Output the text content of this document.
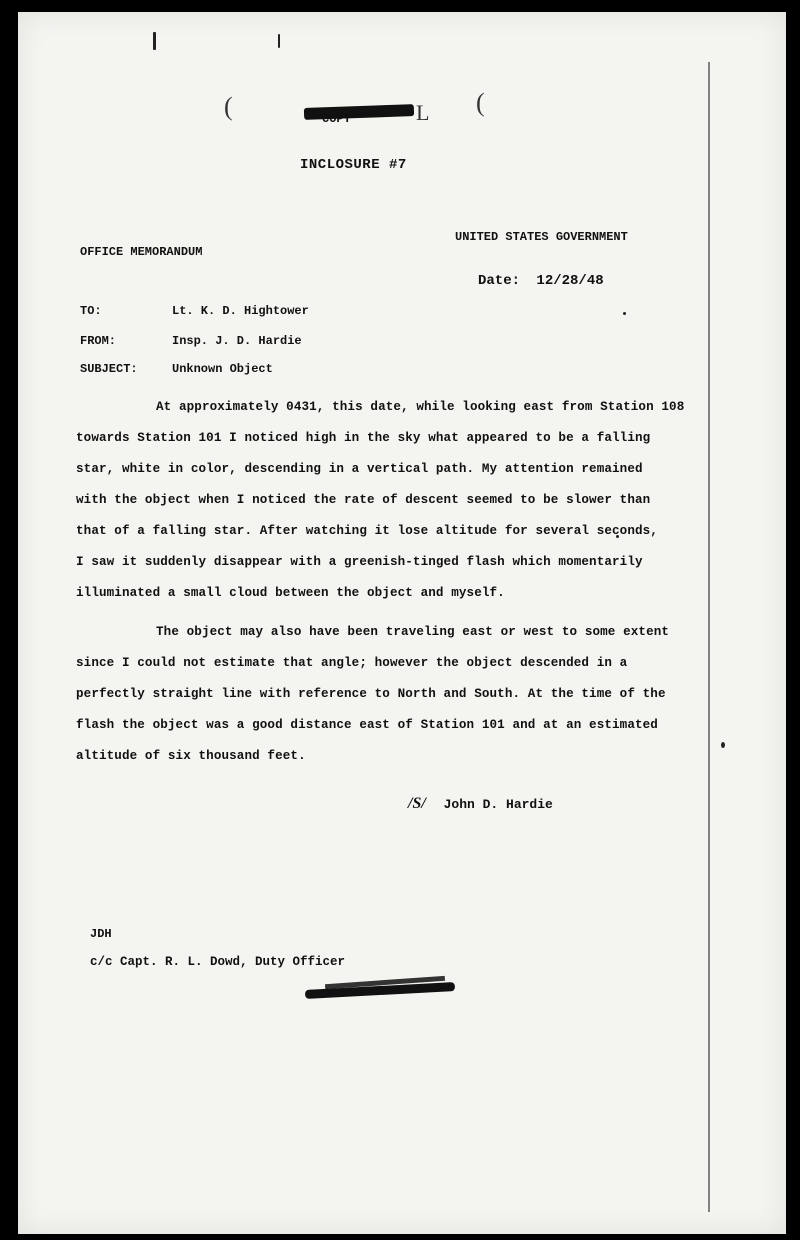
(	(
L
COPY
INCLOSURE #7
OFFICE MEMORANDUM
UNITED STATES GOVERNMENT
Date: 12/28/48
TO:	Lt. K. D. Hightower
FROM:	Insp. J. D. Hardie
SUBJECT:	Unknown Object
At approximately 0431, this date, while looking east from Station 108
towards Station 101 I noticed high in the sky what appeared to be a falling
star, white in color, descending in a vertical path. My attention remained
with the object when I noticed the rate of descent seemed to be slower than
that of a falling star. After watching it lose altitude for several seconds,
I saw it suddenly disappear with a greenish-tinged flash which momentarily
illuminated a small cloud between the object and myself.
The object may also have been traveling east or west to some extent
since I could not estimate that angle; however the object descended in a
perfectly straight line with reference to North and South. At the time of the
flash the object was a good distance east of Station 101 and at an estimated
altitude of six thousand feet.
/S/ John D. Hardie
JDH
c/c Capt. R. L. Dowd, Duty Officer
